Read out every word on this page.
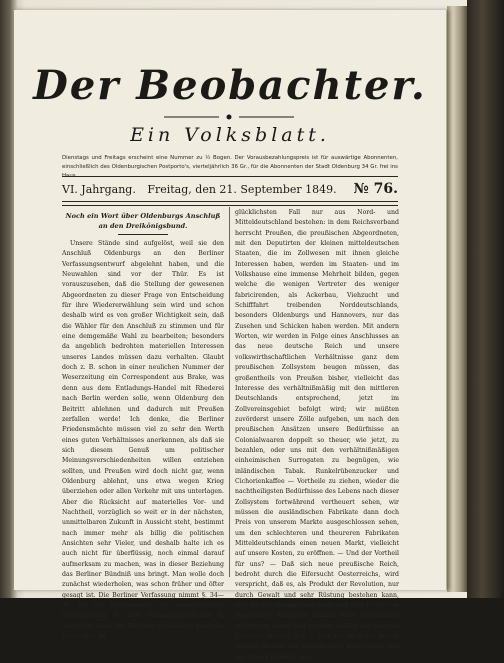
Der Beobachter.
Ein Volksblatt.
Dienstags und Freitags erscheint eine Nummer zu ½ Bogen. Der Vorausbezahlungspreis ist für auswärtige Abonnenten, einschließlich des Oldenburgischen Postporto's, vierteljährlich 36 Gr., für die Abonnenten der Stadt Oldenburg 34 Gr. frei ins Haus.
VI. Jahrgang.	Freitag, den 21. September 1849.	№ 76.
Noch ein Wort über Oldenburgs Anschluß an den Dreikönigsbund.

Unsere Stände sind aufgelöst, weil sie den Anschluß Oldenburgs an den Berliner Verfassungsentwurf abgelehnt haben, und die Neuwahlen sind vor der Thür. Es ist vorauszusehen, daß die Stellung der gewesenen Abgeordneten zu dieser Frage von Entscheidung für ihre Wiedererwählung sein wird und schon deshalb wird es von großer Wichtigkeit sein, daß die Wähler für den Anschluß zu stimmen und für eine demgemäße Wahl zu bearbeiten; besonders da angeblich bedrohten materiellen Interessen unseres Landes müssen dazu verhalten. Glaubt doch z. B. schon in einer neulichen Nummer der Weserzeitung ein Correspondent aus Brake, was denn aus dem Entladungs-Handel mit Rhederei nach Berlin werden solle, wenn Oldenburg den Beitritt ablehnen und dadurch mit Preußen zerfallen werde! Ich denke, die Berliner Friedensmächte müssen viel zu sehr den Werth eines guten Verhältnisses anerkennen, als daß sie sich diesem Genuß um politischer Meinungsverschiedenheiten willen entziehen sollten, und Preußen wird doch nicht gar, wenn Oldenburg ablehnt, uns etwa wegen Krieg überziehen oder allen Verkehr mit uns unterlagen. Aber die Rücksicht auf materielles Vor- und Nachtheil, vorzüglich so weit er in der nächsten, unmittelbaren Zukunft in Aussicht steht, bestimmt nach immer mehr als billig die politischen Ansichten sehr Vieler, und deshalb halte ich es auch nicht für überflüssig, noch einmal darauf aufmerksam zu machen, was in dieser Beziehung das Berliner Bündniß uns bringt. Man wolle doch zunächst wiederholen, was schon früher und öfter gesagt ist. Die Berliner Verfassung nimmt §. 34—36. für die Reichsgewalt die ausschließliche Gesetzgebung in allen Zollangelegenheiten in Anspruch. Aber das Berliner sogenannte deutsche Reich wird im

glücklichsten Fall nur aus Nord- und Mitteldeutschland bestehen: in dem Reichsverband herrscht Preußen, die preußischen Abgeordneten, mit den Deputirten der kleinen mitteldeutschen Staaten, die im Zollwesen mit ihnen gleiche Interessen haben, werden im Staaten- und im Volkshause eine immense Mehrheit bilden, gegen welche die wenigen Vertreter des weniger fabricirenden, als Ackerbau, Viehzucht und Schifffahrt treibenden Norddeutschlands, besonders Oldenburgs und Hannovers, nur das Zusehen und Schicken haben werden. Mit andern Worten, wir werden in Folge eines Anschlusses an das neue deutsche Reich und unsere volkswirthschaftlichen Verhältnisse ganz dem preußischen Zollsystem beugen müssen, das großentheils von Preußen bisher, vielleicht das Interesse des verhältnißmäßig mit den mittleren Deutschlands entsprechend, jetzt im Zollvereinsgebiet befolgt wird; wir müßten zuvörderst unsere Zölle aufgeben, um nach den preußischen Ansätzen unsere Bedürfnisse an Colonialwaaren doppelt so theuer, wie jetzt, zu bezahlen, oder uns mit den verhältnißmäßigen einheimischen Surrogaten zu begnügen, wie inländischen Tabak. Runkelrübenzucker und Cichorienkaffee — Vortheile zu ziehen, wieder die nachtheiligsten Bedürfnisse des Lebens nach dieser Zollsystem fortwährend vertheuert sehen, wir müssen die ausländischen Fabrikate dann doch Preis von unserem Markte ausgeschlossen sehen, um den schlechteren und theureren Fabrikaten Mitteldeutschlands einen neuen Markt, vielleicht auf unsere Kosten, zu eröffnen. — Und der Vortheil für uns? — Daß sich neue preußische Reich, bedroht durch die Eifersucht Oesterreichs, wird verspricht, daß es, als Produkt der Revolution, nur durch Gewalt und sehr Rüstung bestehen kann, sich für ein ansehnliches Heer und eine Flotte von ungeheuren Ausgaben, nimmer diese Militairstaat verbringen sehen und werden, welche mit unseren Finanzen drückt; daß ... daß wir auch bei keiner unserer Kosten uns eingebenden kontrolliren und das blosen Freiheit, was
